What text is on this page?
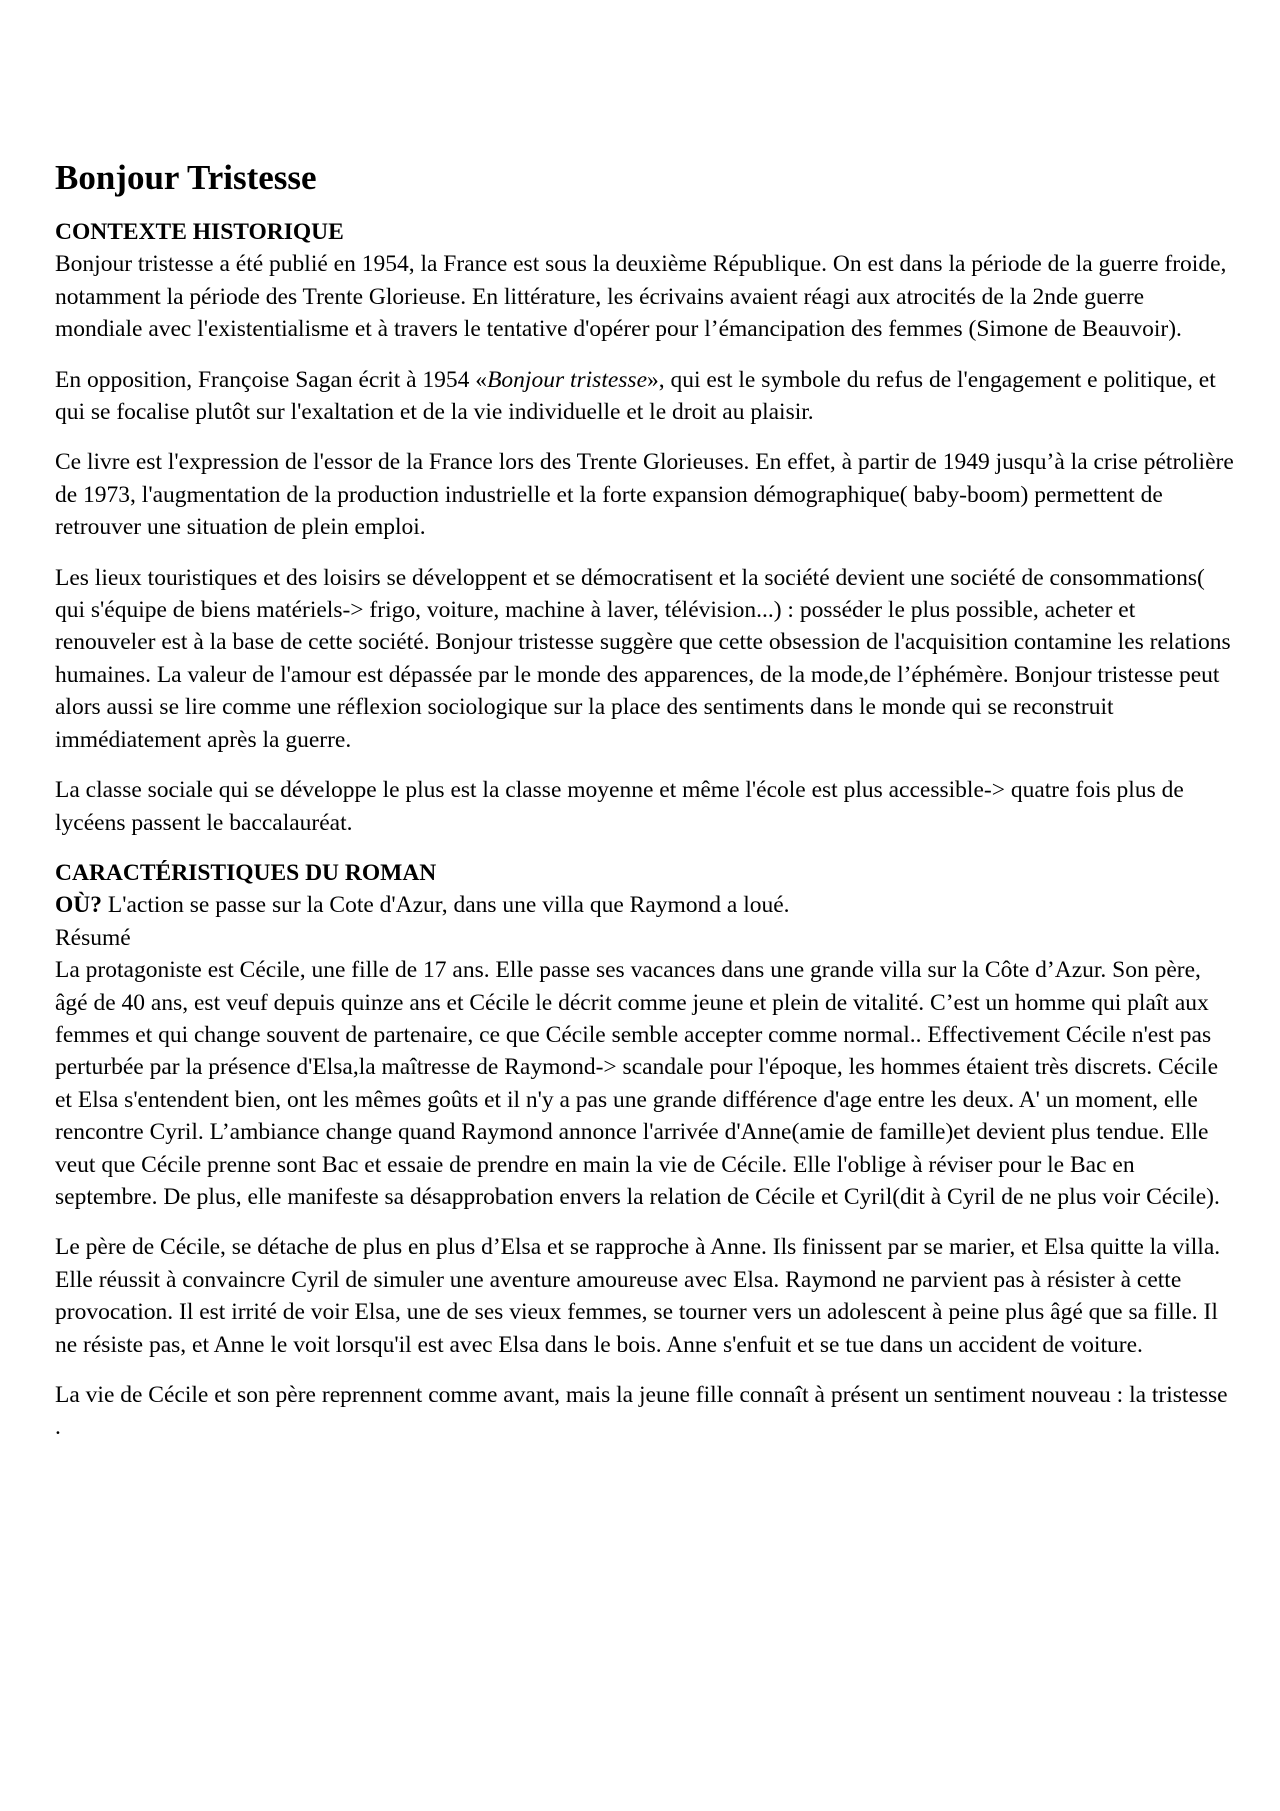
Bonjour Tristesse
CONTEXTE HISTORIQUE

Bonjour tristesse a été publié en 1954, la France est sous la deuxième République. On est dans la période de la guerre froide, notamment la période des Trente Glorieuse. En littérature, les écrivains avaient réagi aux atrocités de la 2nde guerre mondiale avec l'existentialisme et à travers le tentative d'opérer pour l’émancipation des femmes (Simone de Beauvoir).

En opposition, Françoise Sagan écrit à 1954 «Bonjour tristesse», qui est le symbole du refus de l'engagement e politique, et qui se focalise plutôt sur l'exaltation et de la vie individuelle et le droit au plaisir.

Ce livre est l'expression de l'essor de la France lors des Trente Glorieuses. En effet, à partir de 1949 jusqu’à la crise pétrolière de 1973, l'augmentation de la production industrielle et la forte expansion démographique( baby-boom) permettent de retrouver une situation de plein emploi.

Les lieux touristiques et des loisirs se développent et se démocratisent et la société devient une société de consommations( qui s'équipe de biens matériels-> frigo, voiture, machine à laver, télévision...) : posséder le plus possible, acheter et renouveler est à la base de cette société. Bonjour tristesse suggère que cette obsession de l'acquisition contamine les relations humaines. La valeur de l'amour est dépassée par le monde des apparences, de la mode,de l’éphémère. Bonjour tristesse peut alors aussi se lire comme une réflexion sociologique sur la place des sentiments dans le monde qui se reconstruit immédiatement après la guerre.

La classe sociale qui se développe le plus est la classe moyenne et même l'école est plus accessible-> quatre fois plus de lycéens passent le baccalauréat.

CARACTÉRISTIQUES DU ROMAN

OÙ? L'action se passe sur la Cote d'Azur, dans une villa que Raymond a loué.

Résumé

La protagoniste est Cécile, une fille de 17 ans. Elle passe ses vacances dans une grande villa sur la Côte d’Azur. Son père, âgé de 40 ans, est veuf depuis quinze ans et Cécile le décrit comme jeune et plein de vitalité. C’est un homme qui plaît aux femmes et qui change souvent de partenaire, ce que Cécile semble accepter comme normal.. Effectivement Cécile n'est pas perturbée par la présence d'Elsa,la maîtresse de Raymond-> scandale pour l'époque, les hommes étaient très discrets. Cécile et Elsa s'entendent bien, ont les mêmes goûts et il n'y a pas une grande différence d'age entre les deux. A' un moment, elle rencontre Cyril. L’ambiance change quand Raymond annonce l'arrivée d'Anne(amie de famille)et devient plus tendue. Elle veut que Cécile prenne sont Bac et essaie de prendre en main la vie de Cécile. Elle l'oblige à réviser pour le Bac en septembre. De plus, elle manifeste sa désapprobation envers la relation de Cécile et Cyril(dit à Cyril de ne plus voir Cécile).

Le père de Cécile, se détache de plus en plus d’Elsa et se rapproche à Anne. Ils finissent par se marier, et Elsa quitte la villa.

Elle réussit à convaincre Cyril de simuler une aventure amoureuse avec Elsa. Raymond ne parvient pas à résister à cette provocation. Il est irrité de voir Elsa, une de ses vieux femmes, se tourner vers un adolescent à peine plus âgé que sa fille. Il ne résiste pas, et Anne le voit lorsqu'il est avec Elsa dans le bois. Anne s'enfuit et se tue dans un accident de voiture.

La vie de Cécile et son père reprennent comme avant, mais la jeune fille connaît à présent un sentiment nouveau : la tristesse .
